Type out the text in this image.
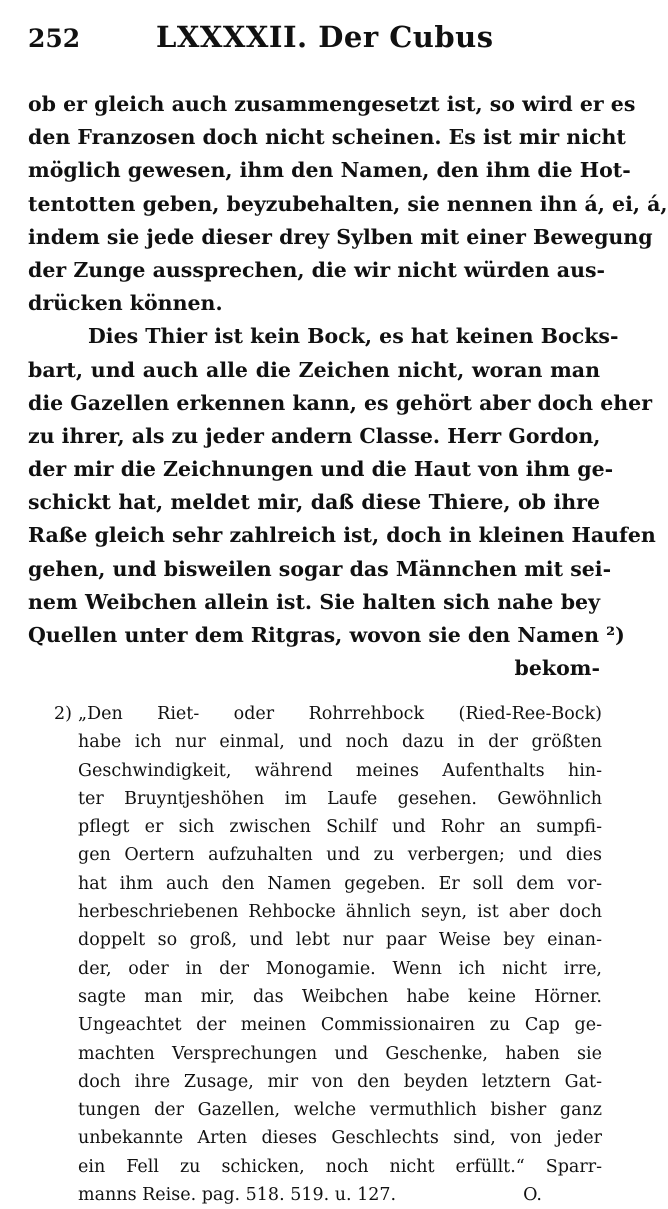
252	LXXXXII. Der Cubus
ob er gleich auch zusammengesetzt ist, so wird er es
den Franzosen doch nicht scheinen. Es ist mir nicht
möglich gewesen, ihm den Namen, den ihm die Hot-
tentotten geben, beyzubehalten, sie nennen ihn á, ei, á,
indem sie jede dieser drey Sylben mit einer Bewegung
der Zunge aussprechen, die wir nicht würden aus-
drücken können.
Dies Thier ist kein Bock, es hat keinen Bocks-
bart, und auch alle die Zeichen nicht, woran man
die Gazellen erkennen kann, es gehört aber doch eher
zu ihrer, als zu jeder andern Classe. Herr Gordon,
der mir die Zeichnungen und die Haut von ihm ge-
schickt hat, meldet mir, daß diese Thiere, ob ihre
Raße gleich sehr zahlreich ist, doch in kleinen Haufen
gehen, und bisweilen sogar das Männchen mit sei-
nem Weibchen allein ist. Sie halten sich nahe bey
Quellen unter dem Ritgras, wovon sie den Namen ²)
bekom-
2) „Den Riet- oder Rohrrehbock (Ried-Ree-Bock)
habe ich nur einmal, und noch dazu in der größten
Geschwindigkeit, während meines Aufenthalts hin-
ter Bruyntjeshöhen im Laufe gesehen. Gewöhnlich
pflegt er sich zwischen Schilf und Rohr an sumpfi-
gen Oertern aufzuhalten und zu verbergen; und dies
hat ihm auch den Namen gegeben. Er soll dem vor-
herbeschriebenen Rehbocke ähnlich seyn, ist aber doch
doppelt so groß, und lebt nur paar Weise bey einan-
der, oder in der Monogamie. Wenn ich nicht irre,
sagte man mir, das Weibchen habe keine Hörner.
Ungeachtet der meinen Commissionairen zu Cap ge-
machten Versprechungen und Geschenke, haben sie
doch ihre Zusage, mir von den beyden letztern Gat-
tungen der Gazellen, welche vermuthlich bisher ganz
unbekannte Arten dieses Geschlechts sind, von jeder
ein Fell zu schicken, noch nicht erfüllt.“ Sparr-
manns Reise. pag. 518. 519. u. 127.	O.
